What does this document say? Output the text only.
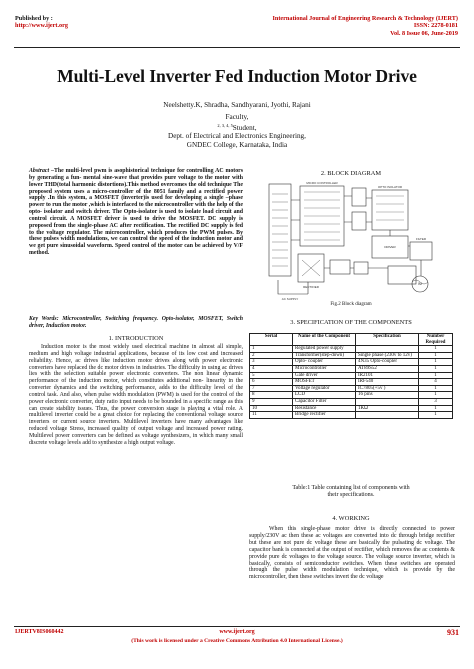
Published by :
http://www.ijert.org
International Journal of Engineering Research & Technology (IJERT)
ISSN: 2278-0181
Vol. 8 Issue 06, June-2019
Multi-Level Inverter Fed Induction Motor Drive
Neelshetty.K, Shradha, Sandhyarani, Jyothi, Rajani
Faculty,
$^{2, 3, 4, 5}$Student,
Dept. of Electrical and Electronics Engineering,
GNDEC College, Karnataka, India
Abstract –The multi-level pwm is asophistorical technique for controlling AC motors by generating a fun- mental sine-wave that provides pure voltage to the motor with lower THD(total harmonic distortions).This method overcomes the old technique The proposed system uses a micro-controller of the 8051 family and a rectified power supply .In this system, a MOSFET (inverter)is used for developing a single –phase power to run the motor ,which is interfaced to the microcontroller with the help of the opto- isolator and switch driver. The Opto-isolator is used to isolate load circuit and control circuit. A MOSFET driver is used to drive the MOSFET. DC supply is proposed from the single-phase AC after rectification. The rectified DC supply is fed to the voltage regulator. The microcontroller, which produces the PWM pulses. By these pulses width modulations, we can control the speed of the induction motor and we get pure sinusoidal waveform. Speed control of the motor can be achieved by V/F method.
Key Words: Microcontroller, Switching frequency. Opto-isolator, MOSFET, Switch driver, Induction motor.
1. INTRODUCTION
Induction motor is the most widely used electrical machine in almost all simple, medium and high voltage industrial applications, because of its low cost and increased reliability. Hence, ac drives like induction motor drives along with power electronic converters have replaced the dc motor drives in industries. The difficulty in using ac drives lies with the selection suitable power electronic converters. The non linear dynamic performance of the induction motor, which constitutes additional non- linearity in the converter dynamics and the switching performance, adds to the difficulty level of the control task. And also, when pulse width modulation (PWM) is used for the control of the power electronic converter, duty ratio input needs to be bounded in a specific range as this can create stability issues. Thus, the power conversion stage is playing a vital role. A multilevel inverter could be a great choice for replacing the conventional voltage source inverters or current source inverters. Multilevel inverters have many advantages like reduced voltage Stress, increased quality of output voltage and increased power rating. Multilevel power converters can be defined as voltage synthesizers, in which many small discrete voltage levels add to synthesize a high output voltage.
2. BLOCK DIAGRAM
MICRO CONTROLLER
OPTO ISOLATOR
DRIVER
RECTIFIER
FILTER
IM
AC SUPPLY
Fig.2 Block diagram
3. SPECIFICATION OF THE COMPONENTS
Serial	Name of the Component	Specification	Number Required
1	Regulated power supply		1
2	Transformer(step-down)	Single phase (230v to 12v)	1
3	Opto- coupler	4N35 Opto-coupler	1
4	Microcontroller	AT89S52	1
5	Gate driver	IR2101	1
6	MOSFET	IRF540	4
7	Voltage regulator	IC7805(+5v )	1
8	LCD	16 pins	1
9	Capacitor Filter		3
10	Resistance	1KΩ	1
11	Bridge rectifier		1
Table:1 Table containing list of components with
their specifications.
4. WORKING
When this single-phase motor drive is directly connected to power supply/230V ac then these ac voltages are converted into dc through bridge rectifier but these are not pure dc voltage these are basically the pulsating dc voltage. The capacitor bank is connected at the output of rectifier, which removes the ac contents & provide pure dc voltages to the voltage source. The voltage source inverter, which is basically, consists of semiconductor switches. When these switches are operated through the pulse width modulation technique, which is provide by the microcontroller, then these switches invert the dc voltage
IJERTV8IS060442	www.ijert.org	931
(This work is licensed under a Creative Commons Attribution 4.0 International License.)
